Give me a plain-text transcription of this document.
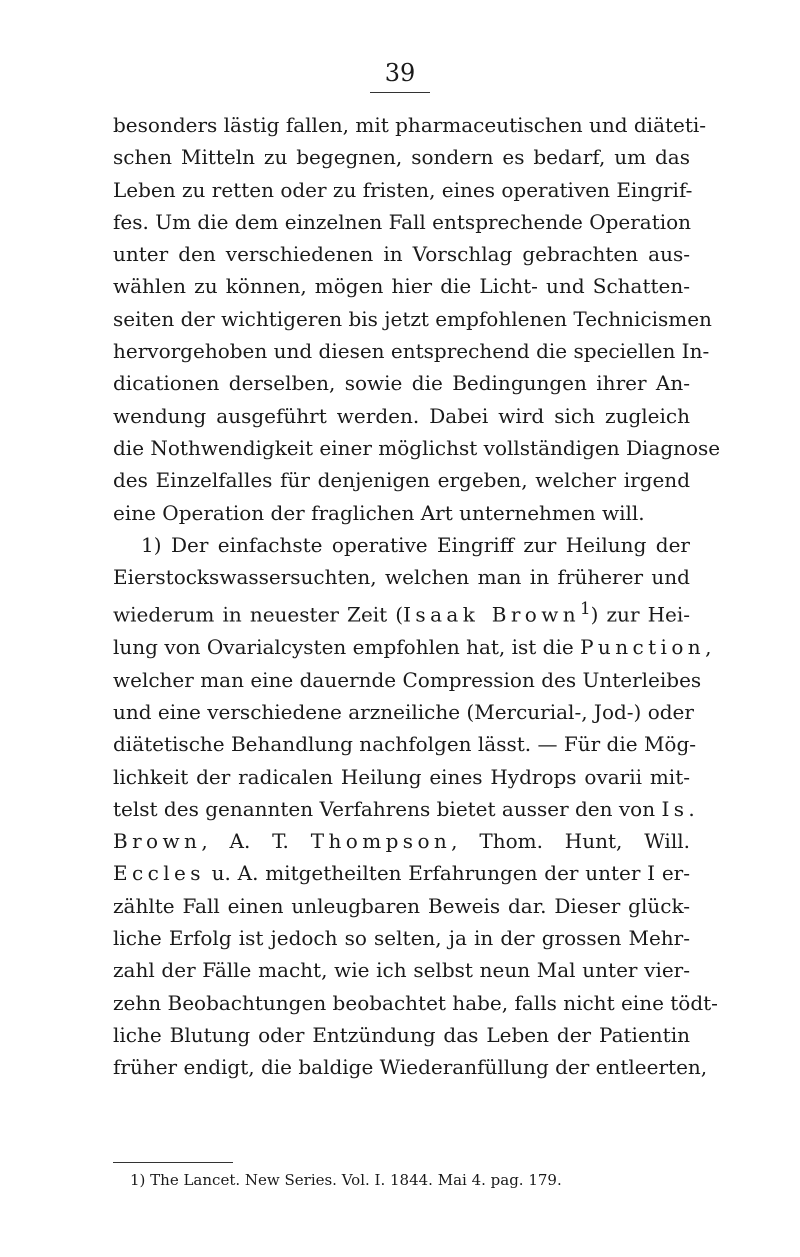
39
besonders lästig fallen, mit pharmaceutischen und diäteti-
schen Mitteln zu begegnen, sondern es bedarf, um das
Leben zu retten oder zu fristen, eines operativen Eingrif-
fes. Um die dem einzelnen Fall entsprechende Operation
unter den verschiedenen in Vorschlag gebrachten aus-
wählen zu können, mögen hier die Licht- und Schatten-
seiten der wichtigeren bis jetzt empfohlenen Technicismen
hervorgehoben und diesen entsprechend die speciellen In-
dicationen derselben, sowie die Bedingungen ihrer An-
wendung ausgeführt werden. Dabei wird sich zugleich
die Nothwendigkeit einer möglichst vollständigen Diagnose
des Einzelfalles für denjenigen ergeben, welcher irgend
eine Operation der fraglichen Art unternehmen will.
1) Der einfachste operative Eingriff zur Heilung der
Eierstockswassersuchten, welchen man in früherer und
wiederum in neuester Zeit (Isaak Brown$^1$) zur Hei-
lung von Ovarialcysten empfohlen hat, ist die Punction,
welcher man eine dauernde Compression des Unterleibes
und eine verschiedene arzneiliche (Mercurial-, Jod-) oder
diätetische Behandlung nachfolgen lässt. — Für die Mög-
lichkeit der radicalen Heilung eines Hydrops ovarii mit-
telst des genannten Verfahrens bietet ausser den von Is.
Brown, A. T. Thompson, Thom. Hunt, Will.
Eccles u. A. mitgetheilten Erfahrungen der unter I er-
zählte Fall einen unleugbaren Beweis dar. Dieser glück-
liche Erfolg ist jedoch so selten, ja in der grossen Mehr-
zahl der Fälle macht, wie ich selbst neun Mal unter vier-
zehn Beobachtungen beobachtet habe, falls nicht eine tödt-
liche Blutung oder Entzündung das Leben der Patientin
früher endigt, die baldige Wiederanfüllung der entleerten,
1) The Lancet. New Series. Vol. I. 1844. Mai 4. pag. 179.
